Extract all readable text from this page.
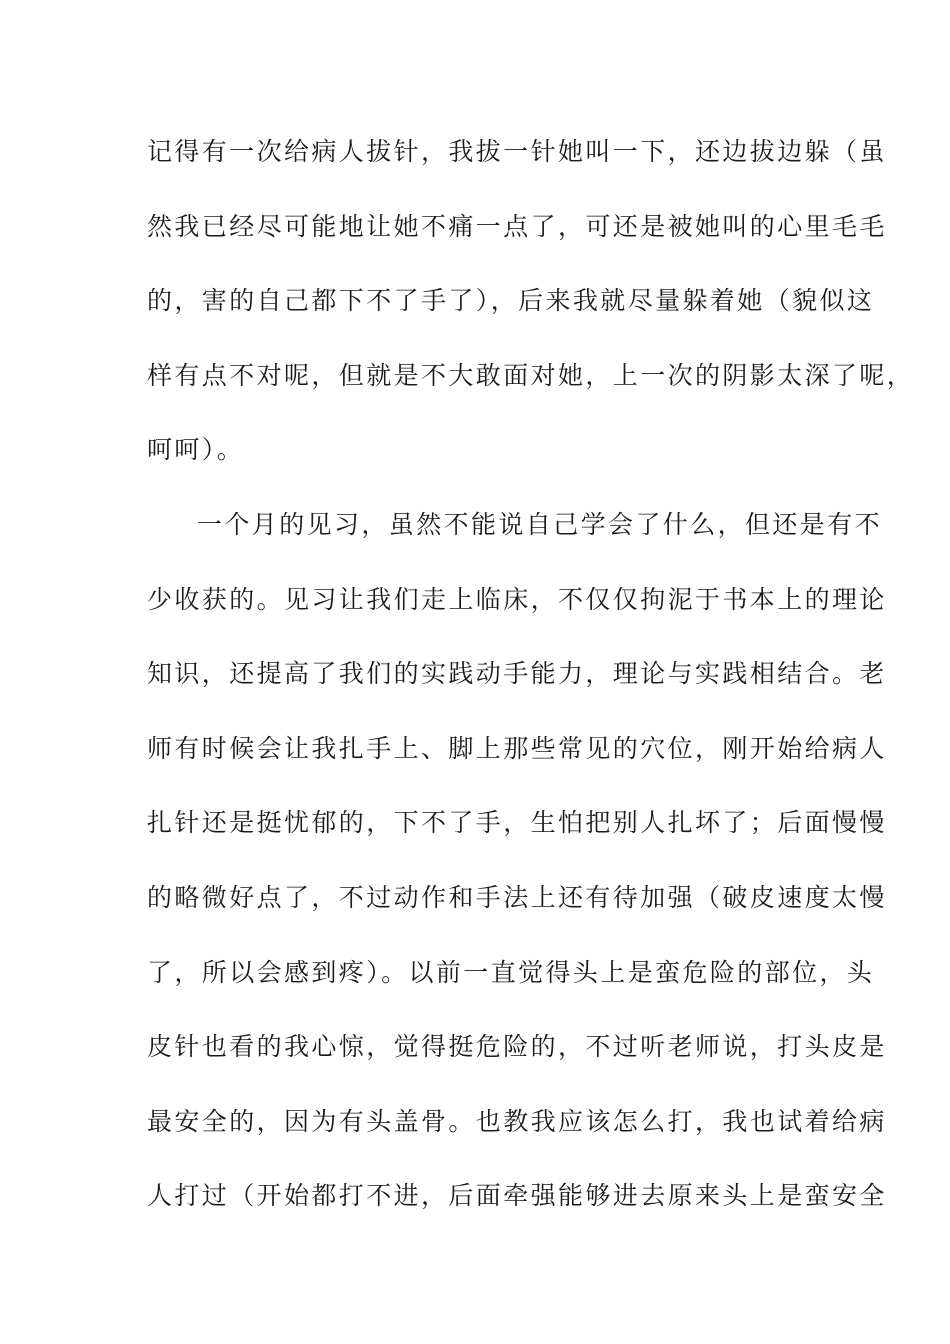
记得有一次给病人拔针，我拔一针她叫一下，还边拔边躲（虽
然我已经尽可能地让她不痛一点了，可还是被她叫的心里毛毛
的，害的自己都下不了手了），后来我就尽量躲着她（貌似这
样有点不对呢，但就是不大敢面对她，上一次的阴影太深了呢，
呵呵）。
一个月的见习，虽然不能说自己学会了什么，但还是有不
少收获的。见习让我们走上临床，不仅仅拘泥于书本上的理论
知识，还提高了我们的实践动手能力，理论与实践相结合。老
师有时候会让我扎手上、脚上那些常见的穴位，刚开始给病人
扎针还是挺忧郁的，下不了手，生怕把别人扎坏了；后面慢慢
的略微好点了，不过动作和手法上还有待加强（破皮速度太慢
了，所以会感到疼）。以前一直觉得头上是蛮危险的部位，头
皮针也看的我心惊，觉得挺危险的，不过听老师说，打头皮是
最安全的，因为有头盖骨。也教我应该怎么打，我也试着给病
人打过（开始都打不进，后面牵强能够进去原来头上是蛮安全
